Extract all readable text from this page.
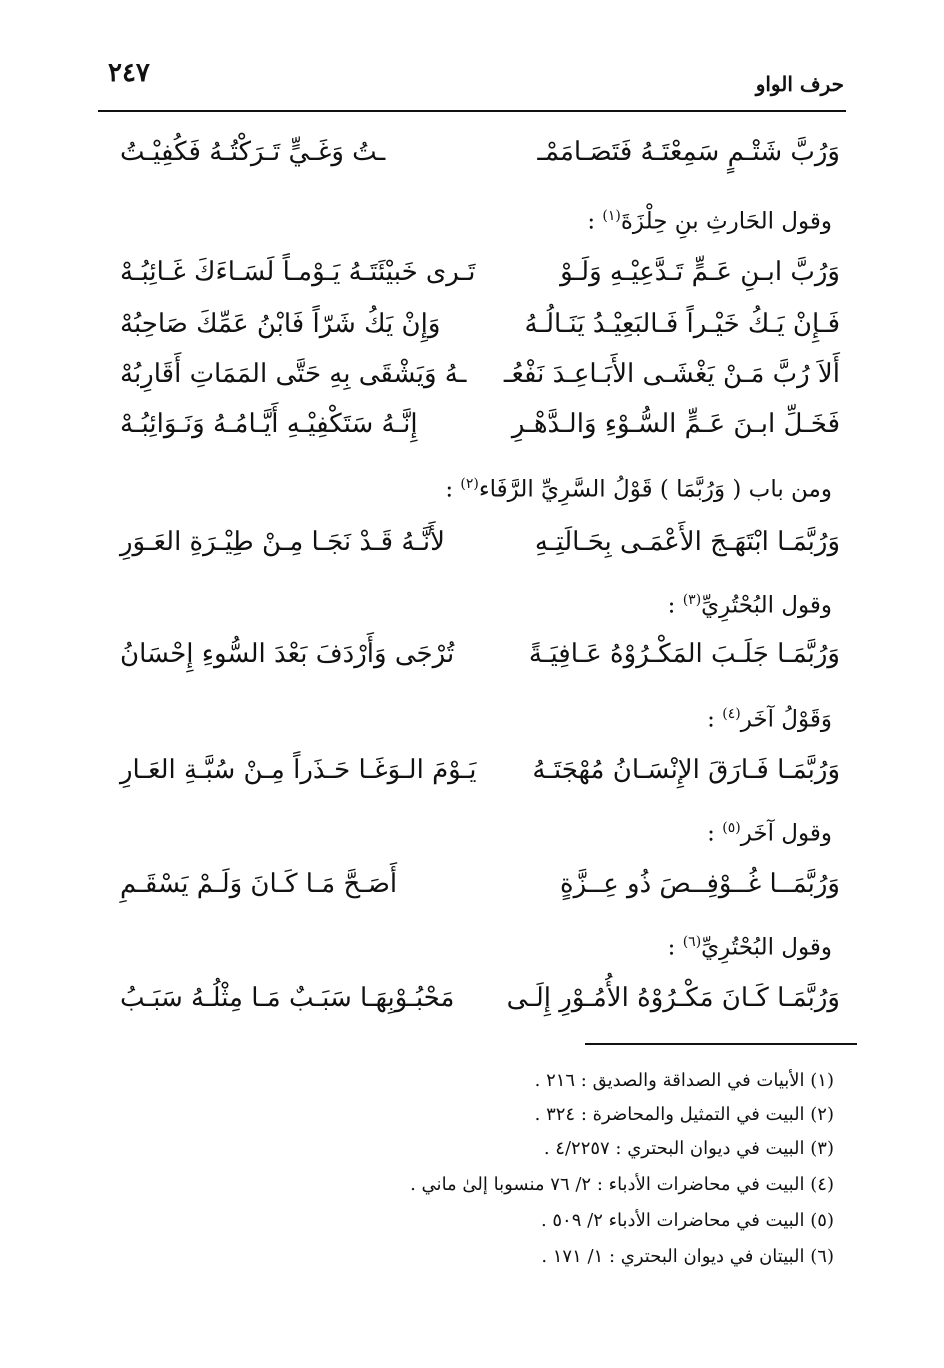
٢٤٧	حرف الواو
وَرُبَّ شَتْـمٍ سَمِعْتَـهُ فَتَصَـامَمْـ
ـتُ وَغَـيٍّ تَـرَكْتُـهُ فَكُفِيْـتُ
وقول الحَارثِ بنِ حِلْزَةَ$^{(١)}$ :
وَرُبَّ ابـنِ عَـمٍّ تَـدَّعِيْـهِ وَلَـوْ
تَـرى خَبيْئَتَـهُ يَـوْمـاً لَسَـاءَكَ غَـائِبُـهْ
فَـإِنْ يَـكُ خَيْـراً فَـالبَعِيْـدُ يَنَـالُـهُ
وَإِنْ يَكُ شَرّاً فَابْنُ عَمِّكَ صَاحِبُهْ
أَلاَ رُبَّ مَـنْ يَغْشَـى الأَبَـاعِـدَ نَفْعُـ
ـهُ وَيَشْقَى بِهِ حَتَّى المَمَاتِ أَقَارِبُهْ
فَخَـلِّ ابـنَ عَـمٍّ السُّـوْءِ وَالـدَّهْـرِ
إِنَّـهُ سَتَكْفِيْـهِ أَيَّـامُـهُ وَنَـوَائِبُـهْ
ومن باب ( وَرُبَّمَا ) قَوْلُ السَّرِيِّ الرَّفَاء$^{(٢)}$ :
وَرُبَّمَـا ابْتَهَـجَ الأَعْمَـى بِحَـالَتِـهِ
لأَنَّـهُ قَـدْ نَجَـا مِـنْ طِيْـرَةِ العَـوَرِ
وقول البُحْتُرِيِّ$^{(٣)}$ :
وَرُبَّمَـا جَلَـبَ المَكْـرُوْهُ عَـافِيَـةً
تُرْجَى وَأَرْدَفَ بَعْدَ السُّوءِ إِحْسَانُ
وَقَوْلُ آخَر$^{(٤)}$ :
وَرُبَّمَـا فَـارَقَ الإِنْسَـانُ مُهْجَتَـهُ
يَـوْمَ الـوَغَـا حَـذَراً مِـنْ سُبَّـةِ العَـارِ
وقول آخَر$^{(٥)}$ :
وَرُبَّمَــا غُــوْفِــصَ ذُو عِــزَّةٍ
أَصَـحَّ مَـا كَـانَ وَلَـمْ يَسْقَـمِ
وقول البُحْتُرِيِّ$^{(٦)}$ :
وَرُبَّمَـا كَـانَ مَكْـرُوْهُ الأُمُـوْرِ إِلَـى
مَحْبُـوْبِهَـا سَبَـبٌ مَـا مِثْلُـهُ سَبَـبُ
(١) الأبيات في الصداقة والصديق : ٢١٦ .
(٢) البيت في التمثيل والمحاضرة : ٣٢٤ .
(٣) البيت في ديوان البحتري : ٤/٢٢٥٧ .
(٤) البيت في محاضرات الأدباء : ٢/ ٧٦ منسوبا إلىٰ ماني .
(٥) البيت في محاضرات الأدباء ٢/ ٥٠٩ .
(٦) البيتان في ديوان البحتري : ١/ ١٧١ .
